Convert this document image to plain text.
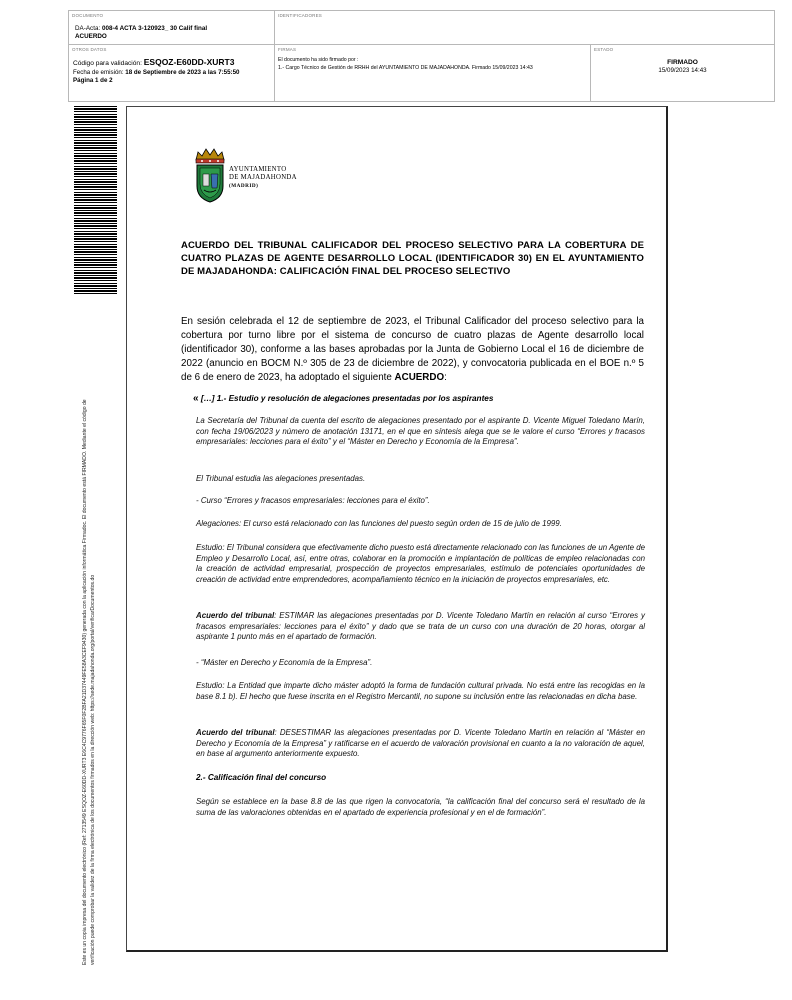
DOCUMENTO
DA-Acta: 008-4 ACTA 3-120923_ 30 Calif final
ACUERDO
IDENTIFICADORES
OTROS DATOS
Código para validación: ESQOZ-E60DD-XURT3
Fecha de emisión: 18 de Septiembre de 2023 a las 7:55:50
Página 1 de 2
FIRMAS
El documento ha sido firmado por :
1.- Cargo Técnico de Gestión de RRHH del AYUNTAMIENTO DE MAJADAHONDA. Firmado 15/09/2023 14:43
ESTADO
FIRMADO
15/09/2023 14:43
Este es un copia impresa del documento electrónico (Ref: 2713549 ESQOZ-E60DD-XURT3 E6C4C9776F65F0F2BFA21D37449FE58A3CEF9430) generada con la aplicación informática Firmadoc. El documento está FIRMADO. Mediante el código de verificación puede comprobar la validez de la firma electrónica de los documentos firmados en la dirección web: https://sede.majadahonda.org/portal/verificarDocumentos.do
AYUNTAMIENTO
DE MAJADAHONDA
(MADRID)
ACUERDO DEL TRIBUNAL CALIFICADOR DEL PROCESO SELECTIVO PARA LA COBERTURA DE CUATRO PLAZAS DE AGENTE DESARROLLO LOCAL (IDENTIFICADOR 30) EN EL AYUNTAMIENTO DE MAJADAHONDA: CALIFICACIÓN FINAL DEL PROCESO SELECTIVO
En sesión celebrada el 12 de septiembre de 2023, el Tribunal Calificador del proceso selectivo para la cobertura por turno libre por el sistema de concurso de cuatro plazas de Agente desarrollo local (identificador 30), conforme a las bases aprobadas por la Junta de Gobierno Local el 16 de diciembre de 2022 (anuncio en BOCM N.º 305 de 23 de diciembre de 2022), y convocatoria publicada en el BOE n.º 5 de 6 de enero de 2023, ha adoptado el siguiente ACUERDO:
« […] 1.- Estudio y resolución de alegaciones presentadas por los aspirantes
La Secretaría del Tribunal da cuenta del escrito de alegaciones presentado por el aspirante D. Vicente Miguel Toledano Marín, con fecha 19/06/2023 y número de anotación 13171, en el que en síntesis alega que se le valore el curso “Errores y fracasos empresariales: lecciones para el éxito” y el “Máster en Derecho y Economía de la Empresa”.
El Tribunal estudia las alegaciones presentadas.
- Curso “Errores y fracasos empresariales: lecciones para el éxito”.
Alegaciones: El curso está relacionado con las funciones del puesto según orden de 15 de julio de 1999.
Estudio: El Tribunal considera que efectivamente dicho puesto está directamente relacionado con las funciones de un Agente de Empleo y Desarrollo Local, así, entre otras, colaborar en la promoción e implantación de políticas de empleo relacionadas con la creación de actividad empresarial, prospección de proyectos empresariales, estímulo de potenciales oportunidades de creación de actividad entre emprendedores, acompañamiento técnico en la iniciación de proyectos empresariales, etc.
Acuerdo del tribunal: ESTIMAR las alegaciones presentadas por D. Vicente Toledano Martín en relación al curso “Errores y fracasos empresariales: lecciones para el éxito” y dado que se trata de un curso con una duración de 20 horas, otorgar al aspirante 1 punto más en el apartado de formación.
- “Máster en Derecho y Economía de la Empresa”.
Estudio: La Entidad que imparte dicho máster adoptó la forma de fundación cultural privada. No está entre las recogidas en la base 8.1 b). El hecho que fuese inscrita en el Registro Mercantil, no supone su inclusión entre las relacionadas en dicha base.
Acuerdo del tribunal: DESESTIMAR las alegaciones presentadas por D. Vicente Toledano Martín en relación al “Máster en Derecho y Economía de la Empresa” y ratificarse en el acuerdo de valoración provisional en cuanto a la no valoración de aquel, en base al argumento anteriormente expuesto.
2.- Calificación final del concurso
Según se establece en la base 8.8 de las que rigen la convocatoria, “la calificación final del concurso será el resultado de la suma de las valoraciones obtenidas en el apartado de experiencia profesional y en el de formación”.
